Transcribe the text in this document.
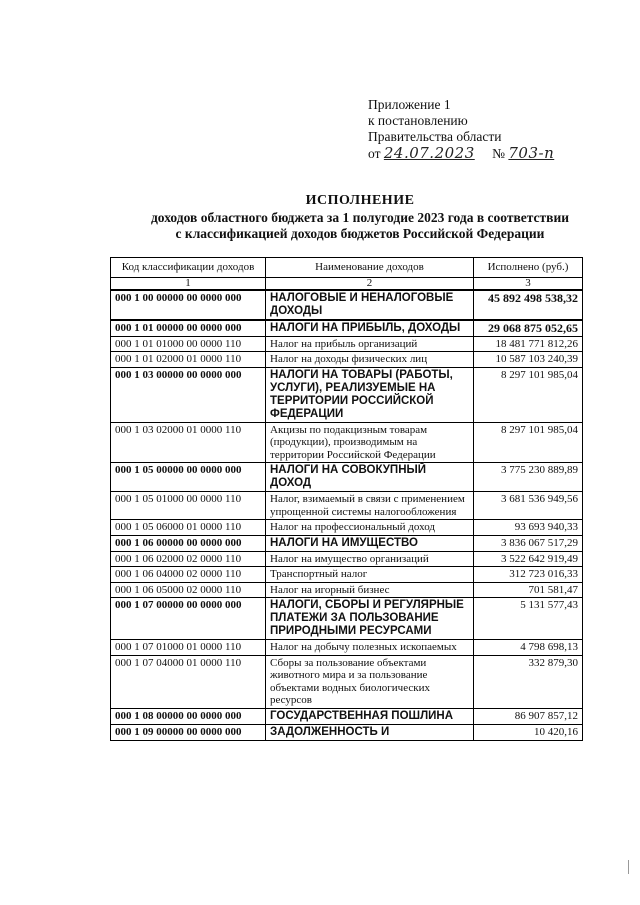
Приложение 1
к постановлению
Правительства области
от 24.07.2023 № 703-п
ИСПОЛНЕНИЕ
доходов областного бюджета за 1 полугодие 2023 года в соответствии
с классификацией доходов бюджетов Российской Федерации
Код классификации доходов	Наименование доходов	Исполнено (руб.)
1	2	3
000 1 00 00000 00 0000 000	НАЛОГОВЫЕ И НЕНАЛОГОВЫЕ ДОХОДЫ	45 892 498 538,32
000 1 01 00000 00 0000 000	НАЛОГИ НА ПРИБЫЛЬ, ДОХОДЫ	29 068 875 052,65
000 1 01 01000 00 0000 110	Налог на прибыль организаций	18 481 771 812,26
000 1 01 02000 01 0000 110	Налог на доходы физических лиц	10 587 103 240,39
000 1 03 00000 00 0000 000	НАЛОГИ НА ТОВАРЫ (РАБОТЫ, УСЛУГИ), РЕАЛИЗУЕМЫЕ НА ТЕРРИТОРИИ РОССИЙСКОЙ ФЕДЕРАЦИИ	8 297 101 985,04
000 1 03 02000 01 0000 110	Акцизы по подакцизным товарам (продукции), производимым на территории Российской Федерации	8 297 101 985,04
000 1 05 00000 00 0000 000	НАЛОГИ НА СОВОКУПНЫЙ ДОХОД	3 775 230 889,89
000 1 05 01000 00 0000 110	Налог, взимаемый в связи с применением упрощенной системы налогообложения	3 681 536 949,56
000 1 05 06000 01 0000 110	Налог на профессиональный доход	93 693 940,33
000 1 06 00000 00 0000 000	НАЛОГИ НА ИМУЩЕСТВО	3 836 067 517,29
000 1 06 02000 02 0000 110	Налог на имущество организаций	3 522 642 919,49
000 1 06 04000 02 0000 110	Транспортный налог	312 723 016,33
000 1 06 05000 02 0000 110	Налог на игорный бизнес	701 581,47
000 1 07 00000 00 0000 000	НАЛОГИ, СБОРЫ И РЕГУЛЯРНЫЕ ПЛАТЕЖИ ЗА ПОЛЬЗОВАНИЕ ПРИРОДНЫМИ РЕСУРСАМИ	5 131 577,43
000 1 07 01000 01 0000 110	Налог на добычу полезных ископаемых	4 798 698,13
000 1 07 04000 01 0000 110	Сборы за пользование объектами животного мира и за пользование объектами водных биологических ресурсов	332 879,30
000 1 08 00000 00 0000 000	ГОСУДАРСТВЕННАЯ ПОШЛИНА	86 907 857,12
000 1 09 00000 00 0000 000	ЗАДОЛЖЕННОСТЬ И	10 420,16
